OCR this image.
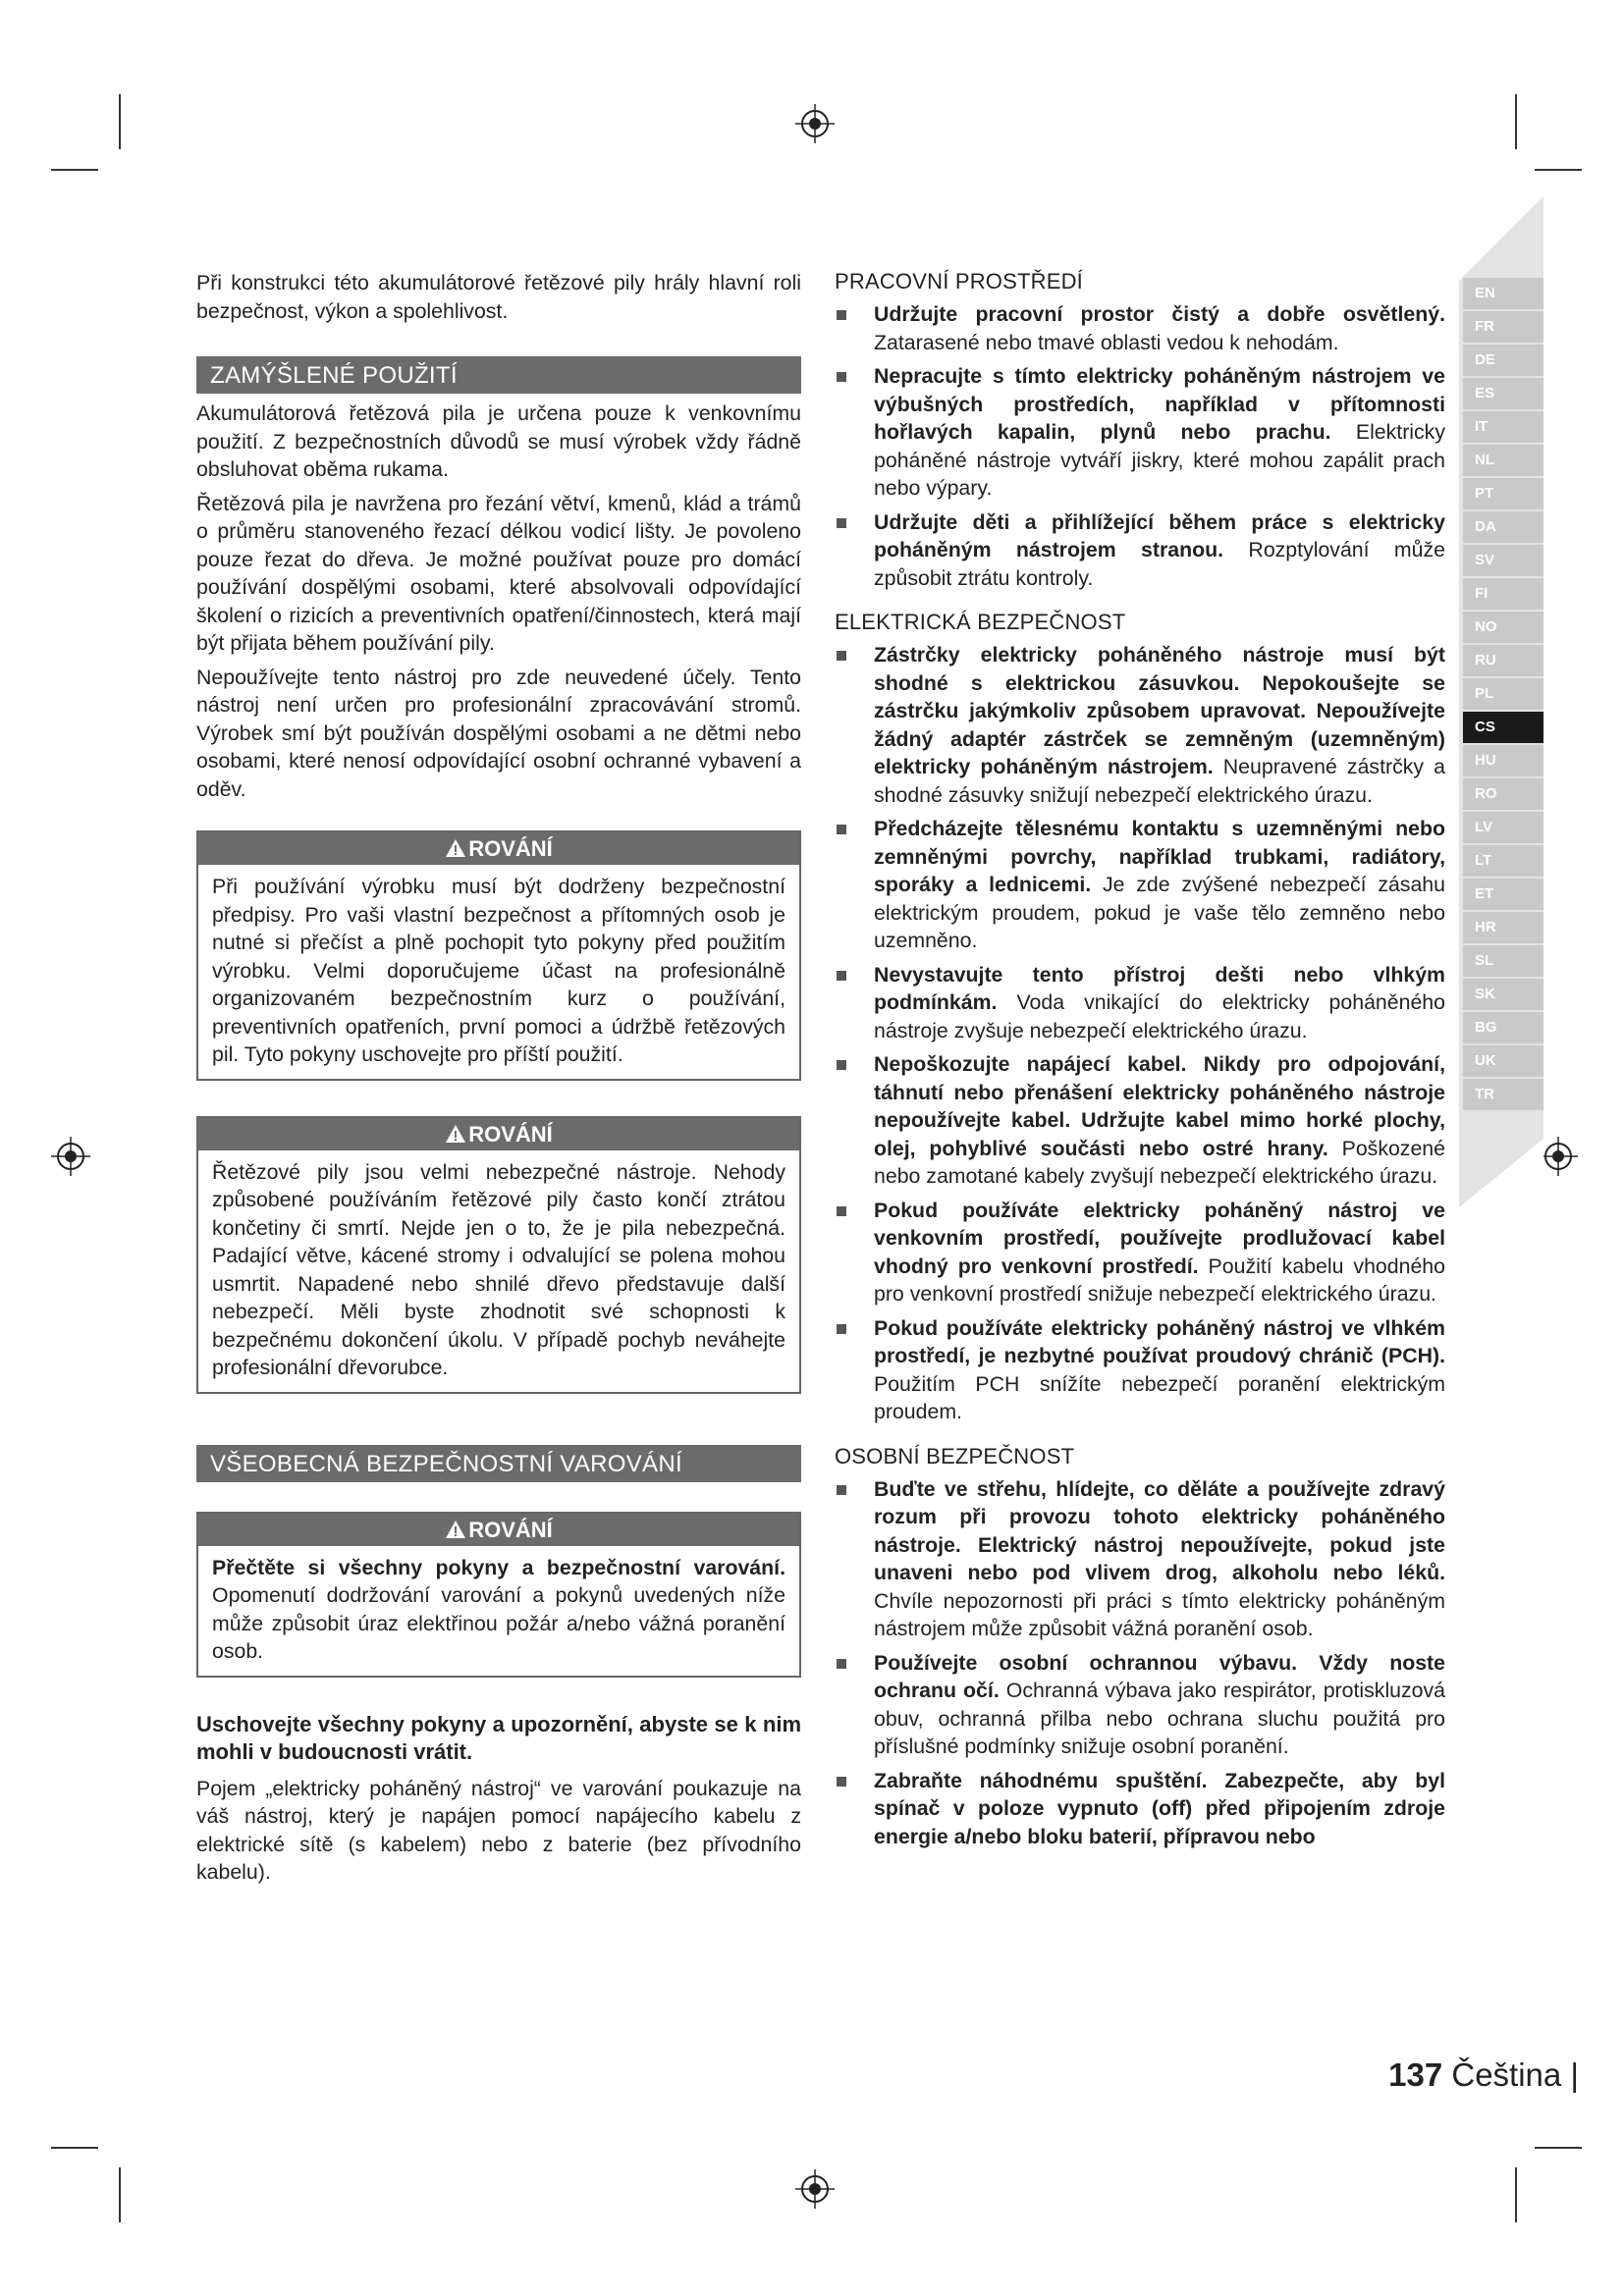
EN
FR
DE
ES
IT
NL
PT
DA
SV
FI
NO
RU
PL
CS
HU
RO
LV
LT
ET
HR
SL
SK
BG
UK
TR

Při konstrukci této akumulátorové řetězové pily hrály hlavní roli bezpečnost, výkon a spolehlivost.

ZAMÝŠLENÉ POUŽITÍ

Akumulátorová řetězová pila je určena pouze k venkovnímu použití. Z bezpečnostních důvodů se musí výrobek vždy řádně obsluhovat oběma rukama.

Řetězová pila je navržena pro řezání větví, kmenů, klád a trámů o průměru stanoveného řezací délkou vodicí lišty. Je povoleno pouze řezat do dřeva. Je možné používat pouze pro domácí používání dospělými osobami, které absolvovali odpovídající školení o rizicích a preventivních opatření/činnostech, která mají být přijata během používání pily.

Nepoužívejte tento nástroj pro zde neuvedené účely. Tento nástroj není určen pro profesionální zpracovávání stromů. Výrobek smí být používán dospělými osobami a ne dětmi nebo osobami, které nenosí odpovídající osobní ochranné vybavení a oděv.

ROVÁNÍ
Při používání výrobku musí být dodrženy bezpečnostní předpisy. Pro vaši vlastní bezpečnost a přítomných osob je nutné si přečíst a plně pochopit tyto pokyny před použitím výrobku. Velmi doporučujeme účast na profesionálně organizovaném bezpečnostním kurz o používání, preventivních opatřeních, první pomoci a údržbě řetězových pil. Tyto pokyny uschovejte pro příští použití.
ROVÁNÍ
Řetězové pily jsou velmi nebezpečné nástroje. Nehody způsobené používáním řetězové pily často končí ztrátou končetiny či smrtí. Nejde jen o to, že je pila nebezpečná. Padající větve, kácené stromy i odvalující se polena mohou usmrtit. Napadené nebo shnilé dřevo představuje další nebezpečí. Měli byste zhodnotit své schopnosti k bezpečnému dokončení úkolu. V případě pochyb neváhejte profesionální dřevorubce.
VŠEOBECNÁ BEZPEČNOSTNÍ VAROVÁNÍ
ROVÁNÍ
Přečtěte si všechny pokyny a bezpečnostní varování. Opomenutí dodržování varování a pokynů uvedených níže může způsobit úraz elektřinou požár a/nebo vážná poranění osob.

Uschovejte všechny pokyny a upozornění, abyste se k nim mohli v budoucnosti vrátit.

Pojem „elektricky poháněný nástroj“ ve varování poukazuje na váš nástroj, který je napájen pomocí napájecího kabelu z elektrické sítě (s kabelem) nebo z baterie (bez přívodního kabelu).

PRACOVNÍ PROSTŘEDÍ
Udržujte pracovní prostor čistý a dobře osvětlený. Zatarasené nebo tmavé oblasti vedou k nehodám.
Nepracujte s tímto elektricky poháněným nástrojem ve výbušných prostředích, například v přítomnosti hořlavých kapalin, plynů nebo prachu. Elektricky poháněné nástroje vytváří jiskry, které mohou zapálit prach nebo výpary.
Udržujte děti a přihlížející během práce s elektricky poháněným nástrojem stranou. Rozptylování může způsobit ztrátu kontroly.
ELEKTRICKÁ BEZPEČNOST
Zástrčky elektricky poháněného nástroje musí být shodné s elektrickou zásuvkou. Nepokoušejte se zástrčku jakýmkoliv způsobem upravovat. Nepoužívejte žádný adaptér zástrček se zemněným (uzemněným) elektricky poháněným nástrojem. Neupravené zástrčky a shodné zásuvky snižují nebezpečí elektrického úrazu.
Předcházejte tělesnému kontaktu s uzemněnými nebo zemněnými povrchy, například trubkami, radiátory, sporáky a lednicemi. Je zde zvýšené nebezpečí zásahu elektrickým proudem, pokud je vaše tělo zemněno nebo uzemněno.
Nevystavujte tento přístroj dešti nebo vlhkým podmínkám. Voda vnikající do elektricky poháněného nástroje zvyšuje nebezpečí elektrického úrazu.
Nepoškozujte napájecí kabel. Nikdy pro odpojování, táhnutí nebo přenášení elektricky poháněného nástroje nepoužívejte kabel. Udržujte kabel mimo horké plochy, olej, pohyblivé součásti nebo ostré hrany. Poškozené nebo zamotané kabely zvyšují nebezpečí elektrického úrazu.
Pokud používáte elektricky poháněný nástroj ve venkovním prostředí, používejte prodlužovací kabel vhodný pro venkovní prostředí. Použití kabelu vhodného pro venkovní prostředí snižuje nebezpečí elektrického úrazu.
Pokud používáte elektricky poháněný nástroj ve vlhkém prostředí, je nezbytné používat proudový chránič (PCH). Použitím PCH snížíte nebezpečí poranění elektrickým proudem.
OSOBNÍ BEZPEČNOST
Buďte ve střehu, hlídejte, co děláte a používejte zdravý rozum při provozu tohoto elektricky poháněného nástroje. Elektrický nástroj nepoužívejte, pokud jste unaveni nebo pod vlivem drog, alkoholu nebo léků. Chvíle nepozornosti při práci s tímto elektricky poháněným nástrojem může způsobit vážná poranění osob.
Používejte osobní ochrannou výbavu. Vždy noste ochranu očí. Ochranná výbava jako respirátor, protiskluzová obuv, ochranná přilba nebo ochrana sluchu použitá pro příslušné podmínky snižuje osobní poranění.
Zabraňte náhodnému spuštění. Zabezpečte, aby byl spínač v poloze vypnuto (off) před připojením zdroje energie a/nebo bloku baterií, přípravou nebo
137 Čeština |
